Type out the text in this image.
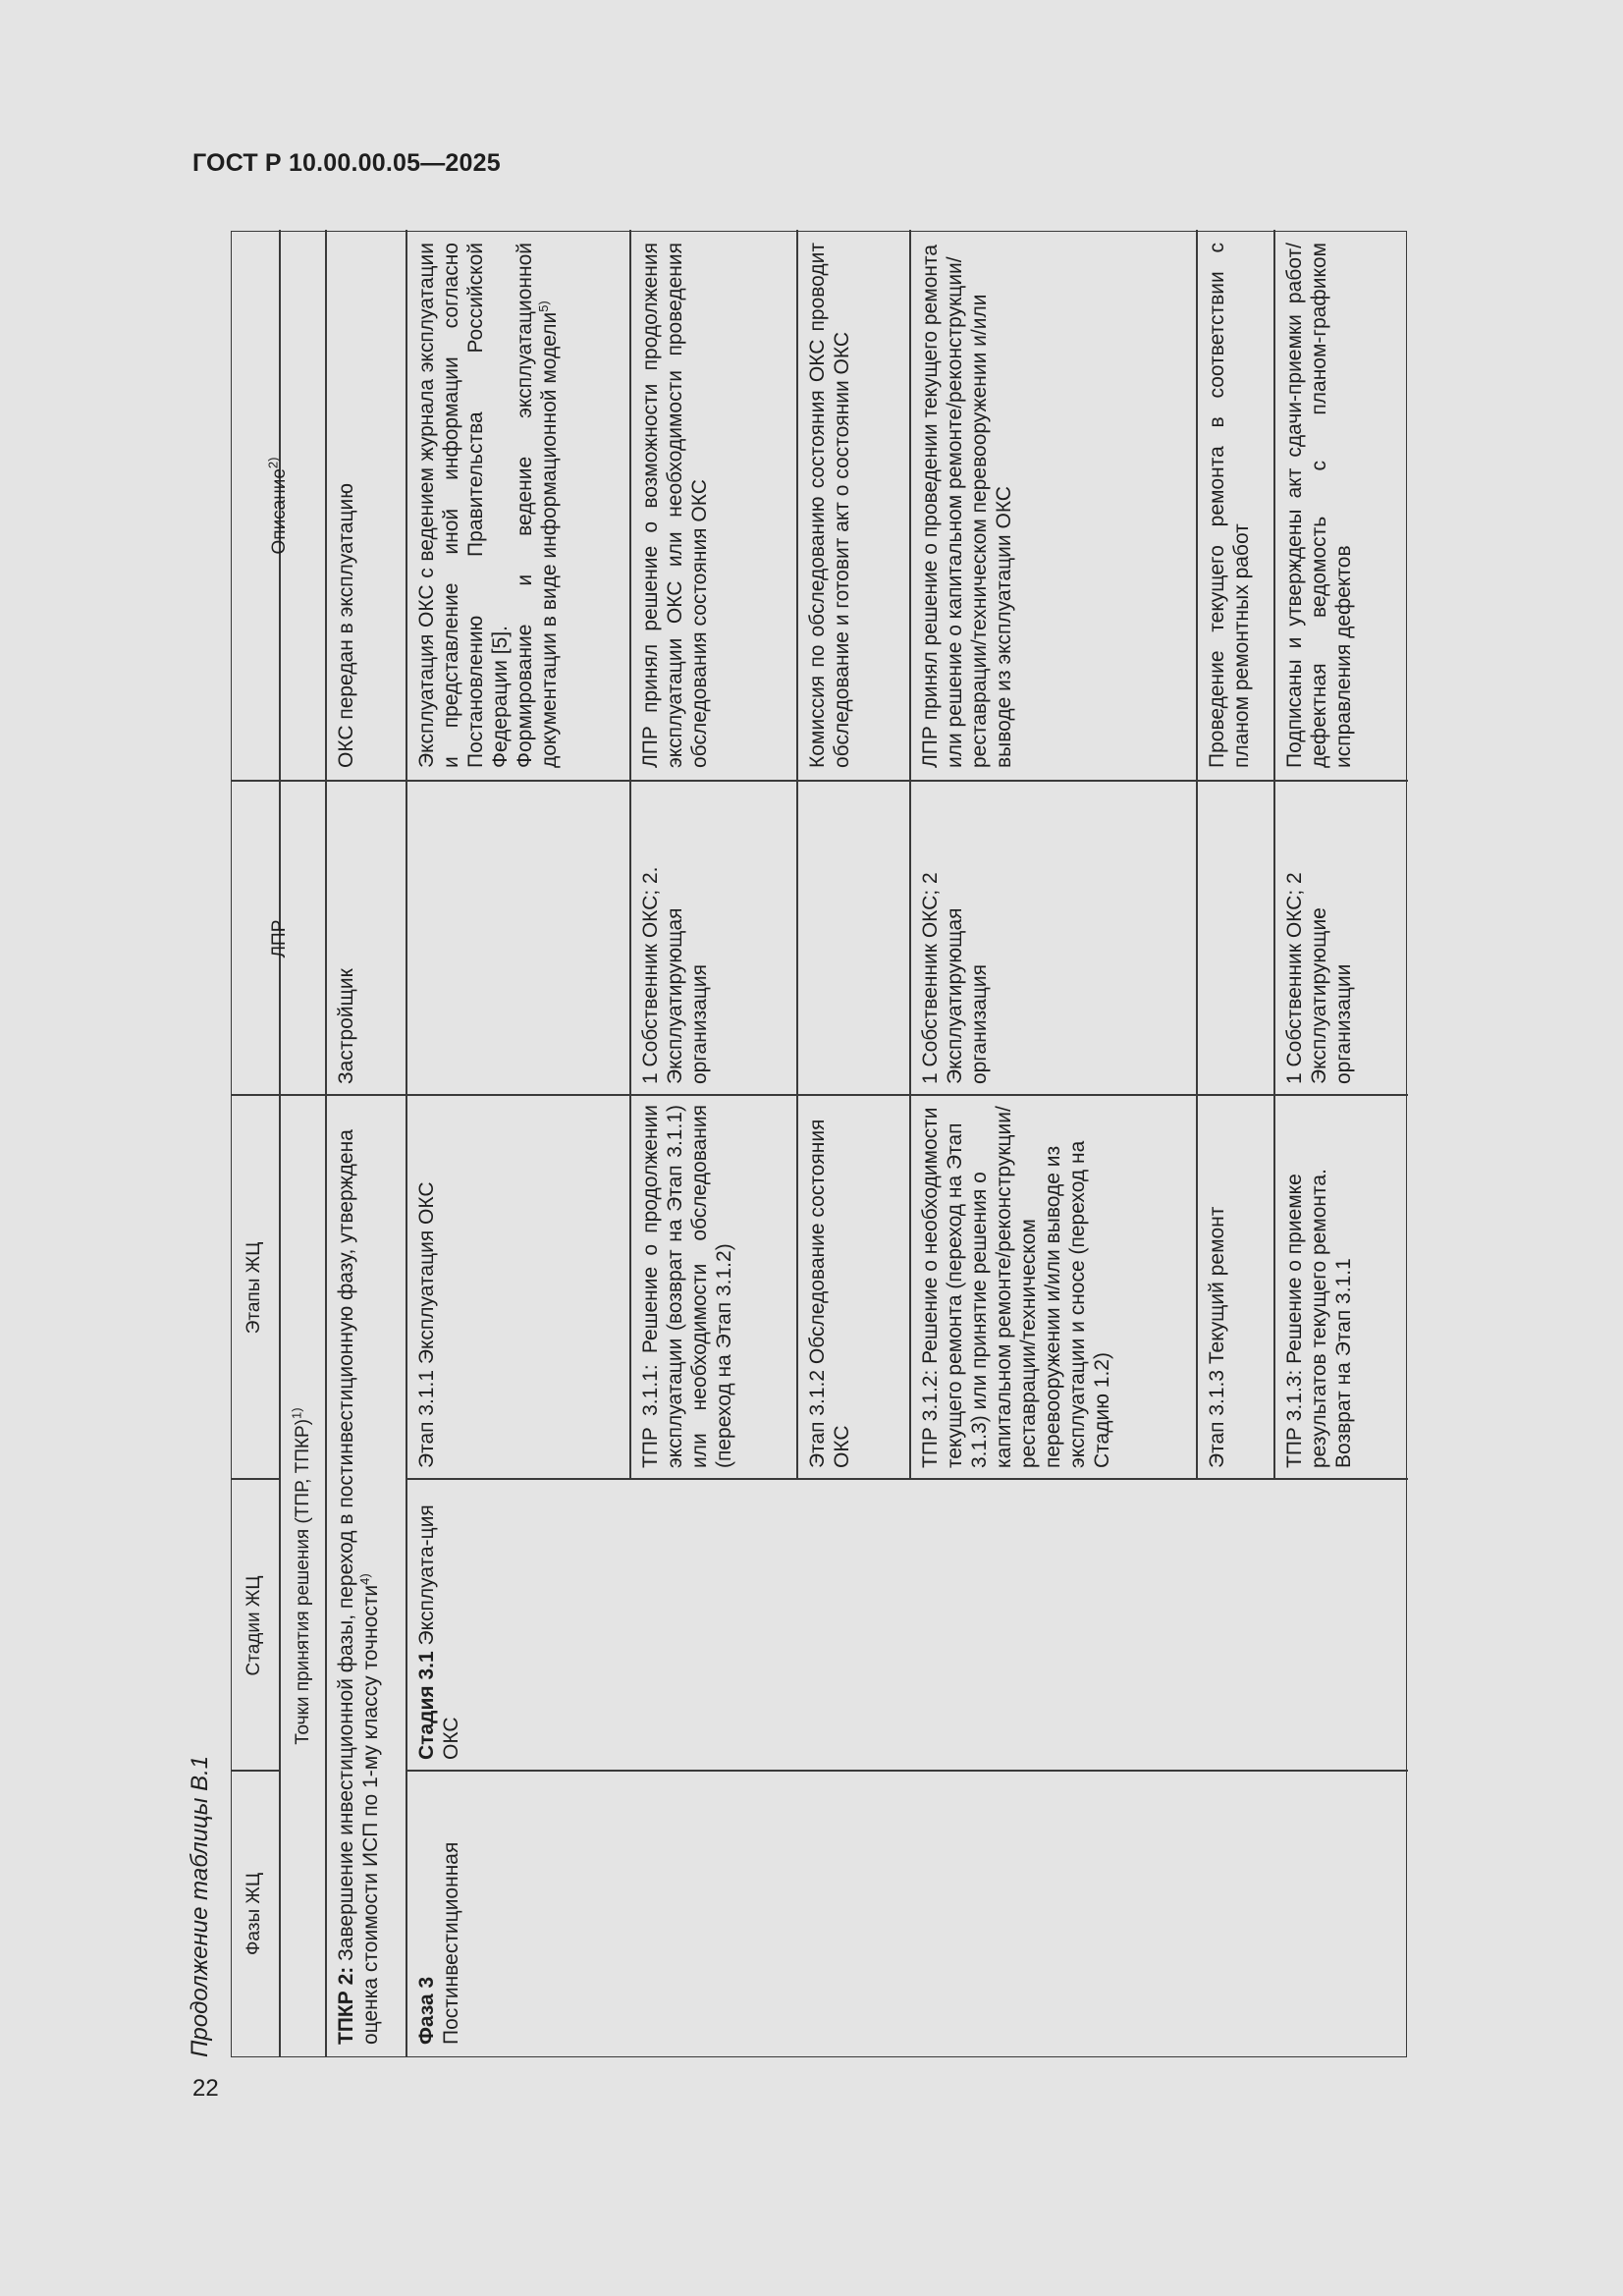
ГОСТ Р 10.00.00.05—2025
22
Продолжение таблицы В.1 Фазы ЖЦ
Стадии ЖЦ
Этапы ЖЦ
Точки принятия решения (ТПР, ТПКР)$^{1)}$
ЛПР
Описание$^{2)}$
ТПКР 2: Завершение инвестиционной фазы, переход в постинвестиционную фазу, утверждена оценка стоимости ИСП по 1-му классу точности$^{4)}$
Застройщик
ОКС передан в эксплуатацию
Фаза 3 Постинвестиционная
Стадия 3.1 Эксплуата-ция ОКС
Этап 3.1.1 Эксплуатация ОКС
Эксплуатация ОКС с ведением журнала эксплуатации и представление иной информации согласно Постановлению Правительства Российской Федерации [5]. Формирование и ведение эксплуатационной документации в виде информационной модели$^{5)}$
ТПР 3.1.1: Решение о продолжении эксплуатации (возврат на Этап 3.1.1) или необходимости обследования (переход на Этап 3.1.2)
1 Собственник ОКС; 2. Эксплуатирующая организация
ЛПР принял решение о возможности продолжения эксплуатации ОКС или необходимости проведения обследования состояния ОКС
Этап 3.1.2 Обследование состояния ОКС
Комиссия по обследованию состояния ОКС проводит обследование и готовит акт о состоянии ОКС
ТПР 3.1.2: Решение о необходимости текущего ремонта (переход на Этап 3.1.3) или принятие решения о капитальном ремонте/реконструкции/реставрации/техническом перевооружении и/или выводе из эксплуатации и сносе (переход на Стадию 1.2)
1 Собственник ОКС; 2 Эксплуатирующая организация
ЛПР принял решение о проведении текущего ремонта или решение о капитальном ремонте/реконструкции/реставрации/техническом перевооружении и/или выводе из эксплуатации ОКС
Этап 3.1.3 Текущий ремонт
Проведение текущего ремонта в соответствии с планом ремонтных работ
ТПР 3.1.3: Решение о приемке результатов текущего ремонта. Возврат на Этап 3.1.1
1 Собственник ОКС; 2 Эксплуатирующие организации
Подписаны и утверждены акт сдачи-приемки работ/дефектная ведомость с планом-графиком исправления дефектов
